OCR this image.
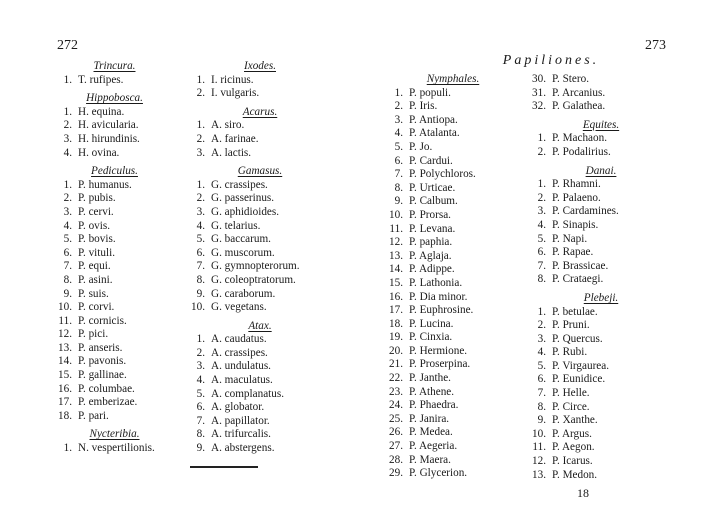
272
Trincura.
1. T. rufipes.
Hippobosca.
1. H. equina.
2. H. avicularia.
3. H. hirundinis.
4. H. ovina.
Pediculus.
1. P. humanus.
2. P. pubis.
3. P. cervi.
4. P. ovis.
5. P. bovis.
6. P. vituli.
7. P. equi.
8. P. asini.
9. P. suis.
10. P. corvi.
11. P. cornicis.
12. P. pici.
13. P. anseris.
14. P. pavonis.
15. P. gallinae.
16. P. columbae.
17. P. emberizae.
18. P. pari.
Nycteribia.
1. N. vespertilionis.
Ixodes.
1. I. ricinus.
2. I. vulgaris.
Acarus.
1. A. siro.
2. A. farinae.
3. A. lactis.
Gamasus.
1. G. crassipes.
2. G. passerinus.
3. G. aphidioides.
4. G. telarius.
5. G. baccarum.
6. G. muscorum.
7. G. gymnopterorum.
8. G. coleoptratorum.
9. G. caraborum.
10. G. vegetans.
Atax.
1. A. caudatus.
2. A. crassipes.
3. A. undulatus.
4. A. maculatus.
5. A. complanatus.
6. A. globator.
7. A. papillator.
8. A. trifurcalis.
9. A. abstergens.
Papiliones.
273
Nymphales.
1. P. populi.
2. P. Iris.
3. P. Antiopa.
4. P. Atalanta.
5. P. Jo.
6. P. Cardui.
7. P. Polychloros.
8. P. Urticae.
9. P. Calbum.
10. P. Prorsa.
11. P. Levana.
12. P. paphia.
13. P. Aglaja.
14. P. Adippe.
15. P. Lathonia.
16. P. Dia minor.
17. P. Euphrosine.
18. P. Lucina.
19. P. Cinxia.
20. P. Hermione.
21. P. Proserpina.
22. P. Janthe.
23. P. Athene.
24. P. Phaedra.
25. P. Janira.
26. P. Medea.
27. P. Aegeria.
28. P. Maera.
29. P. Glycerion.
30. P. Stero.
31. P. Arcanius.
32. P. Galathea.
Equites.
1. P. Machaon.
2. P. Podalirius.
Danai.
1. P. Rhamni.
2. P. Palaeno.
3. P. Cardamines.
4. P. Sinapis.
5. P. Napi.
6. P. Rapae.
7. P. Brassicae.
8. P. Crataegi.
Plebeji.
1. P. betulae.
2. P. Pruni.
3. P. Quercus.
4. P. Rubi.
5. P. Virgaurea.
6. P. Eunidice.
7. P. Helle.
8. P. Circe.
9. P. Xanthe.
10. P. Argus.
11. P. Aegon.
12. P. Icarus.
13. P. Medon.
18
